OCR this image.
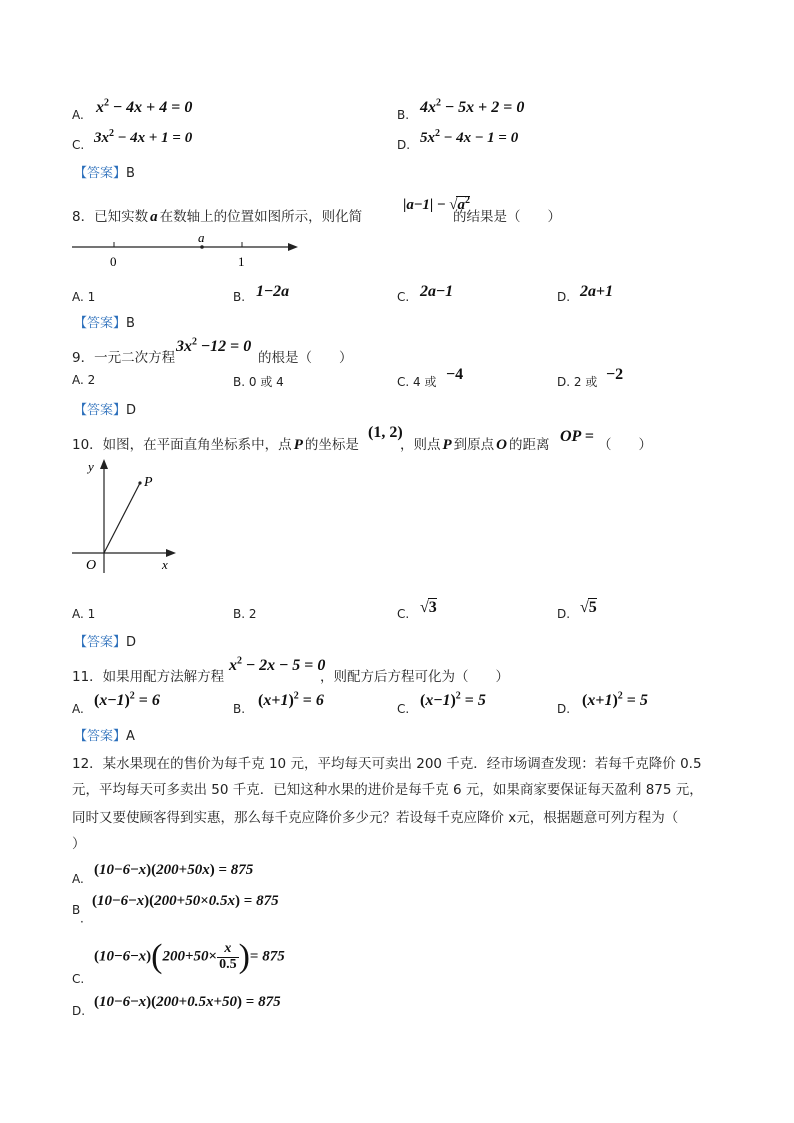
A. $x^2 - 4x + 4 = 0$	B. $4x^2 - 5x + 2 = 0$
C. $3x^2 - 4x + 1 = 0$	D. $5x^2 - 4x - 1 = 0$
【答案】B
8．已知实数 a 在数轴上的位置如图所示，则化简
$|a-1| - √a^2$
的结果是（　　）
a
0	1
A. 1	B. 1−2a	C. 2a−1	D. 2a+1
【答案】B
9．一元二次方程
$3x^2 -12 = 0$
的根是（　　）
A. 2	B. 0 或 4	C. 4 或 −4	D. 2 或 −2
【答案】D
10．如图，在平面直角坐标系中，点 P 的坐标是
(1, 2)
，则点 P 到原点 O 的距离 OP = （　　）
y
x
P
O
A. 1	B. 2	C. √3	D. √5
【答案】D
11．如果用配方法解方程
$x^2 - 2x - 5 = 0$
，则配方后方程可化为（　　）
A. $(x-1)^2 = 6$	B. $(x+1)^2 = 6$	C. $(x-1)^2 = 5$	D. $(x+1)^2 = 5$
【答案】A
12．某水果现在的售价为每千克 10 元，平均每天可卖出 200 千克．经市场调查发现：若每千克降价 0.5
元，平均每天可多卖出 50 千克．已知这种水果的进价是每千克 6 元，如果商家要保证每天盈利 875 元，
同时又要使顾客得到实惠，那么每千克应降价多少元？若设每千克应降价 x元，根据题意可列方程为（
）
A.
(10−6−x)(200+50x) = 875
B
·
(10−6−x)(200+50×0.5x) = 875
C.
$(10-6-x)(200+50\times \frac{x}{0.5}$ )= 875
D.
(10−6−x)(200+0.5x+50) = 875
